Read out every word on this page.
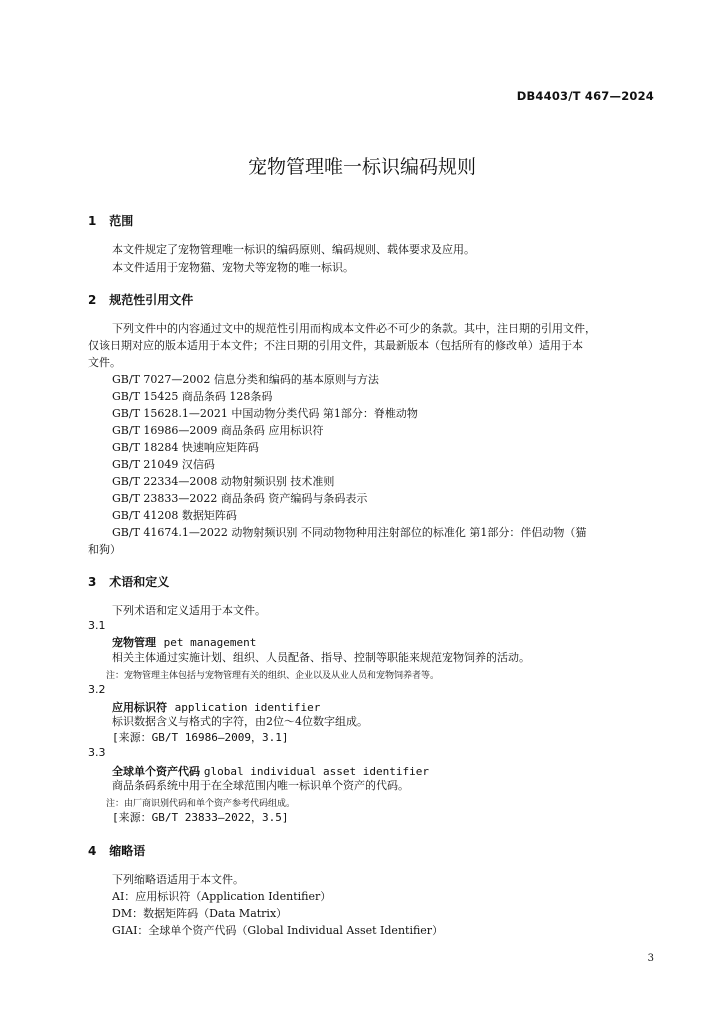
DB4403/T 467—2024
宠物管理唯一标识编码规则
1 范围
本文件规定了宠物管理唯一标识的编码原则、编码规则、载体要求及应用。
本文件适用于宠物猫、宠物犬等宠物的唯一标识。
2 规范性引用文件
下列文件中的内容通过文中的规范性引用而构成本文件必不可少的条款。其中，注日期的引用文件，
仅该日期对应的版本适用于本文件；不注日期的引用文件，其最新版本（包括所有的修改单）适用于本
文件。
GB/T 7027—2002 信息分类和编码的基本原则与方法
GB/T 15425 商品条码 128条码
GB/T 15628.1—2021 中国动物分类代码 第1部分：脊椎动物
GB/T 16986—2009 商品条码 应用标识符
GB/T 18284 快速响应矩阵码
GB/T 21049 汉信码
GB/T 22334—2008 动物射频识别 技术准则
GB/T 23833—2022 商品条码 资产编码与条码表示
GB/T 41208 数据矩阵码
GB/T 41674.1—2022 动物射频识别 不同动物物种用注射部位的标准化 第1部分：伴侣动物（猫
和狗）
3 术语和定义
下列术语和定义适用于本文件。
3.1
宠物管理 pet management
相关主体通过实施计划、组织、人员配备、指导、控制等职能来规范宠物饲养的活动。
注：宠物管理主体包括与宠物管理有关的组织、企业以及从业人员和宠物饲养者等。
3.2
应用标识符 application identifier
标识数据含义与格式的字符，由2位～4位数字组成。
[来源：GB/T 16986—2009，3.1]
3.3
全球单个资产代码 global individual asset identifier
商品条码系统中用于在全球范围内唯一标识单个资产的代码。
注：由厂商识别代码和单个资产参考代码组成。
[来源：GB/T 23833—2022，3.5]
4 缩略语
下列缩略语适用于本文件。
AI：应用标识符（Application Identifier）
DM：数据矩阵码（Data Matrix）
GIAI：全球单个资产代码（Global Individual Asset Identifier）
3
